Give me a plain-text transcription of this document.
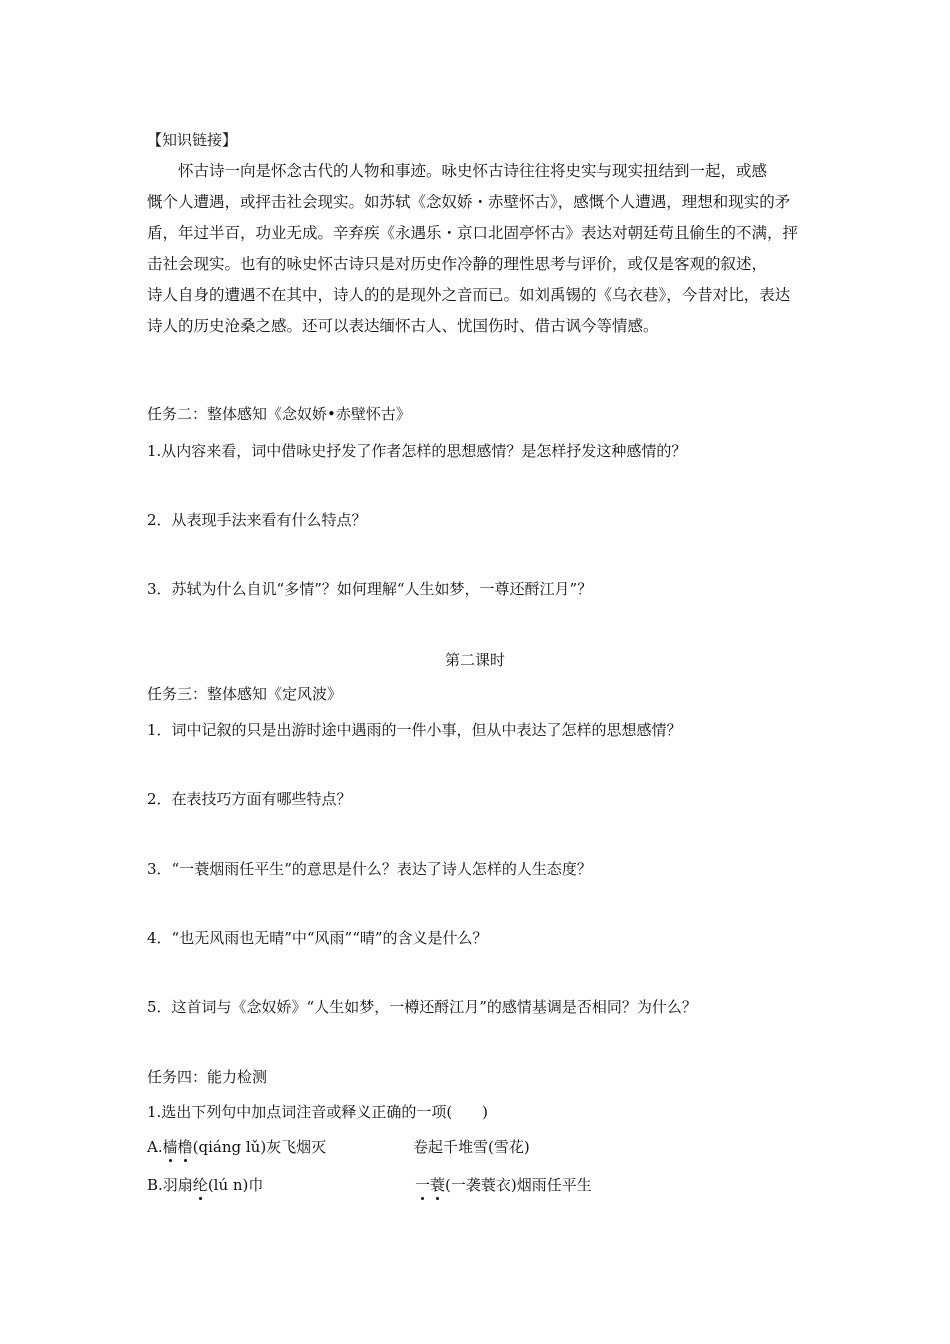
【知识链接】
怀古诗一向是怀念古代的人物和事迹。咏史怀古诗往往将史实与现实扭结到一起，或感
慨个人遭遇，或抨击社会现实。如苏轼《念奴娇・赤壁怀古》，感慨个人遭遇，理想和现实的矛
盾，年过半百，功业无成。辛弃疾《永遇乐・京口北固亭怀古》表达对朝廷苟且偷生的不满，抨
击社会现实。也有的咏史怀古诗只是对历史作冷静的理性思考与评价，或仅是客观的叙述，
诗人自身的遭遇不在其中，诗人的的是现外之音而已。如刘禹锡的《乌衣巷》，今昔对比，表达
诗人的历史沧桑之感。还可以表达缅怀古人、忧国伤时、借古讽今等情感。
任务二：整体感知《念奴娇•赤壁怀古》
1.从内容来看，词中借咏史抒发了作者怎样的思想感情？是怎样抒发这种感情的？
2．从表现手法来看有什么特点？
3．苏轼为什么自讥“多情”？如何理解“人生如梦，一尊还酹江月”？
第二课时
任务三：整体感知《定风波》
1．词中记叙的只是出游时途中遇雨的一件小事，但从中表达了怎样的思想感情？
2．在表技巧方面有哪些特点？
3．“一蓑烟雨任平生”的意思是什么？表达了诗人怎样的人生态度？
4．“也无风雨也无晴”中“风雨”“晴”的含义是什么？
5．这首词与《念奴娇》“人生如梦，一樽还酹江月”的感情基调是否相同？为什么？
任务四：能力检测
1.选出下列句中加点词注音或释义正确的一项(　　)
A.樯橹(qiáng lǔ)灰飞烟灭	卷起千堆雪(雪花)
B.羽扇纶(lú n)巾	一蓑(一袭蓑衣)烟雨任平生
